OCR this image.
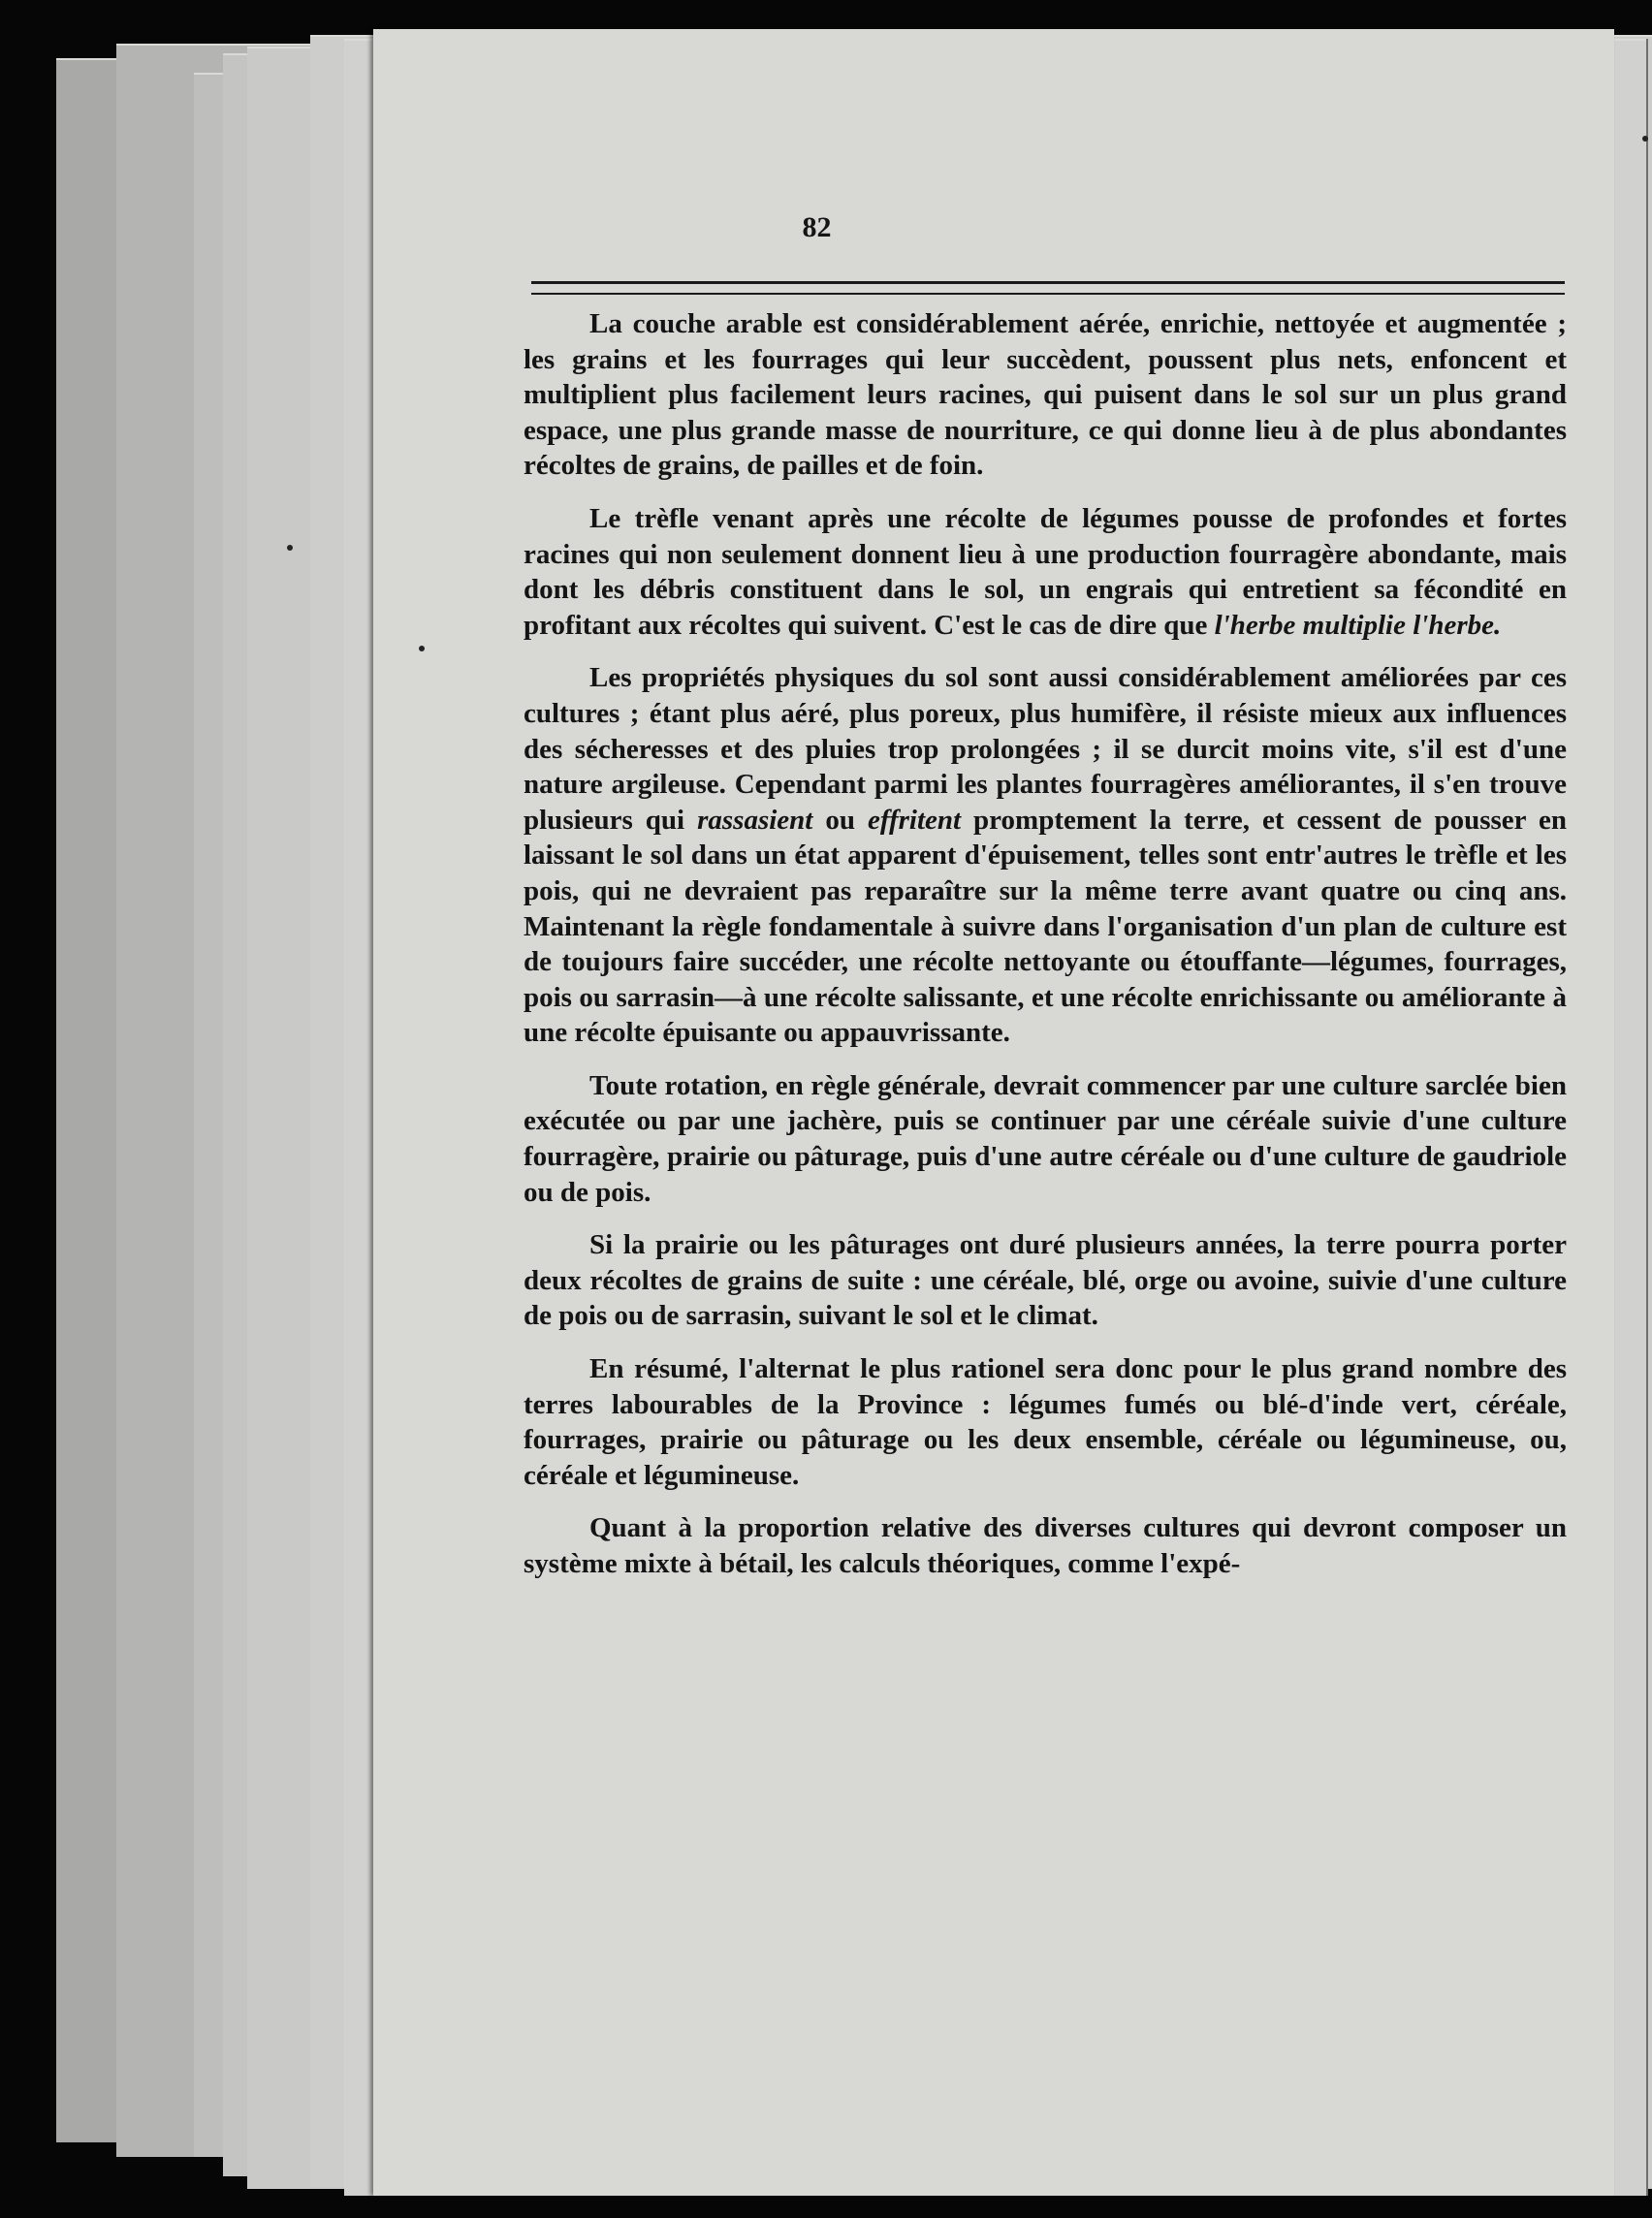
82

La couche arable est considérablement aérée, enrichie, nettoyée et augmentée ; les grains et les fourrages qui leur succèdent, poussent plus nets, enfoncent et multiplient plus facilement leurs racines, qui puisent dans le sol sur un plus grand espace, une plus grande masse de nourriture, ce qui donne lieu à de plus abondantes récoltes de grains, de pailles et de foin.

Le trèfle venant après une récolte de légumes pousse de profondes et fortes racines qui non seulement donnent lieu à une production fourragère abondante, mais dont les débris constituent dans le sol, un engrais qui entretient sa fécondité en profitant aux récoltes qui suivent. C'est le cas de dire que l'herbe multiplie l'herbe.

Les propriétés physiques du sol sont aussi considérablement améliorées par ces cultures ; étant plus aéré, plus poreux, plus humifère, il résiste mieux aux influences des sécheresses et des pluies trop prolongées ; il se durcit moins vite, s'il est d'une nature argileuse. Cependant parmi les plantes fourragères améliorantes, il s'en trouve plusieurs qui rassasient ou effritent promptement la terre, et cessent de pousser en laissant le sol dans un état apparent d'épuisement, telles sont entr'autres le trèfle et les pois, qui ne devraient pas reparaître sur la même terre avant quatre ou cinq ans. Maintenant la règle fondamentale à suivre dans l'organisation d'un plan de culture est de toujours faire succéder, une récolte nettoyante ou étouffante—légumes, fourrages, pois ou sarrasin—à une récolte salissante, et une récolte enrichissante ou améliorante à une récolte épuisante ou appauvrissante.

Toute rotation, en règle générale, devrait commencer par une culture sarclée bien exécutée ou par une jachère, puis se continuer par une céréale suivie d'une culture fourragère, prairie ou pâturage, puis d'une autre céréale ou d'une culture de gaudriole ou de pois.

Si la prairie ou les pâturages ont duré plusieurs années, la terre pourra porter deux récoltes de grains de suite : une céréale, blé, orge ou avoine, suivie d'une culture de pois ou de sarrasin, suivant le sol et le climat.

En résumé, l'alternat le plus rationel sera donc pour le plus grand nombre des terres labourables de la Province : légumes fumés ou blé-d'inde vert, céréale, fourrages, prairie ou pâturage ou les deux ensemble, céréale ou légumineuse, ou, céréale et légumineuse.

Quant à la proportion relative des diverses cultures qui devront composer un système mixte à bétail, les calculs théoriques, comme l'expé-
